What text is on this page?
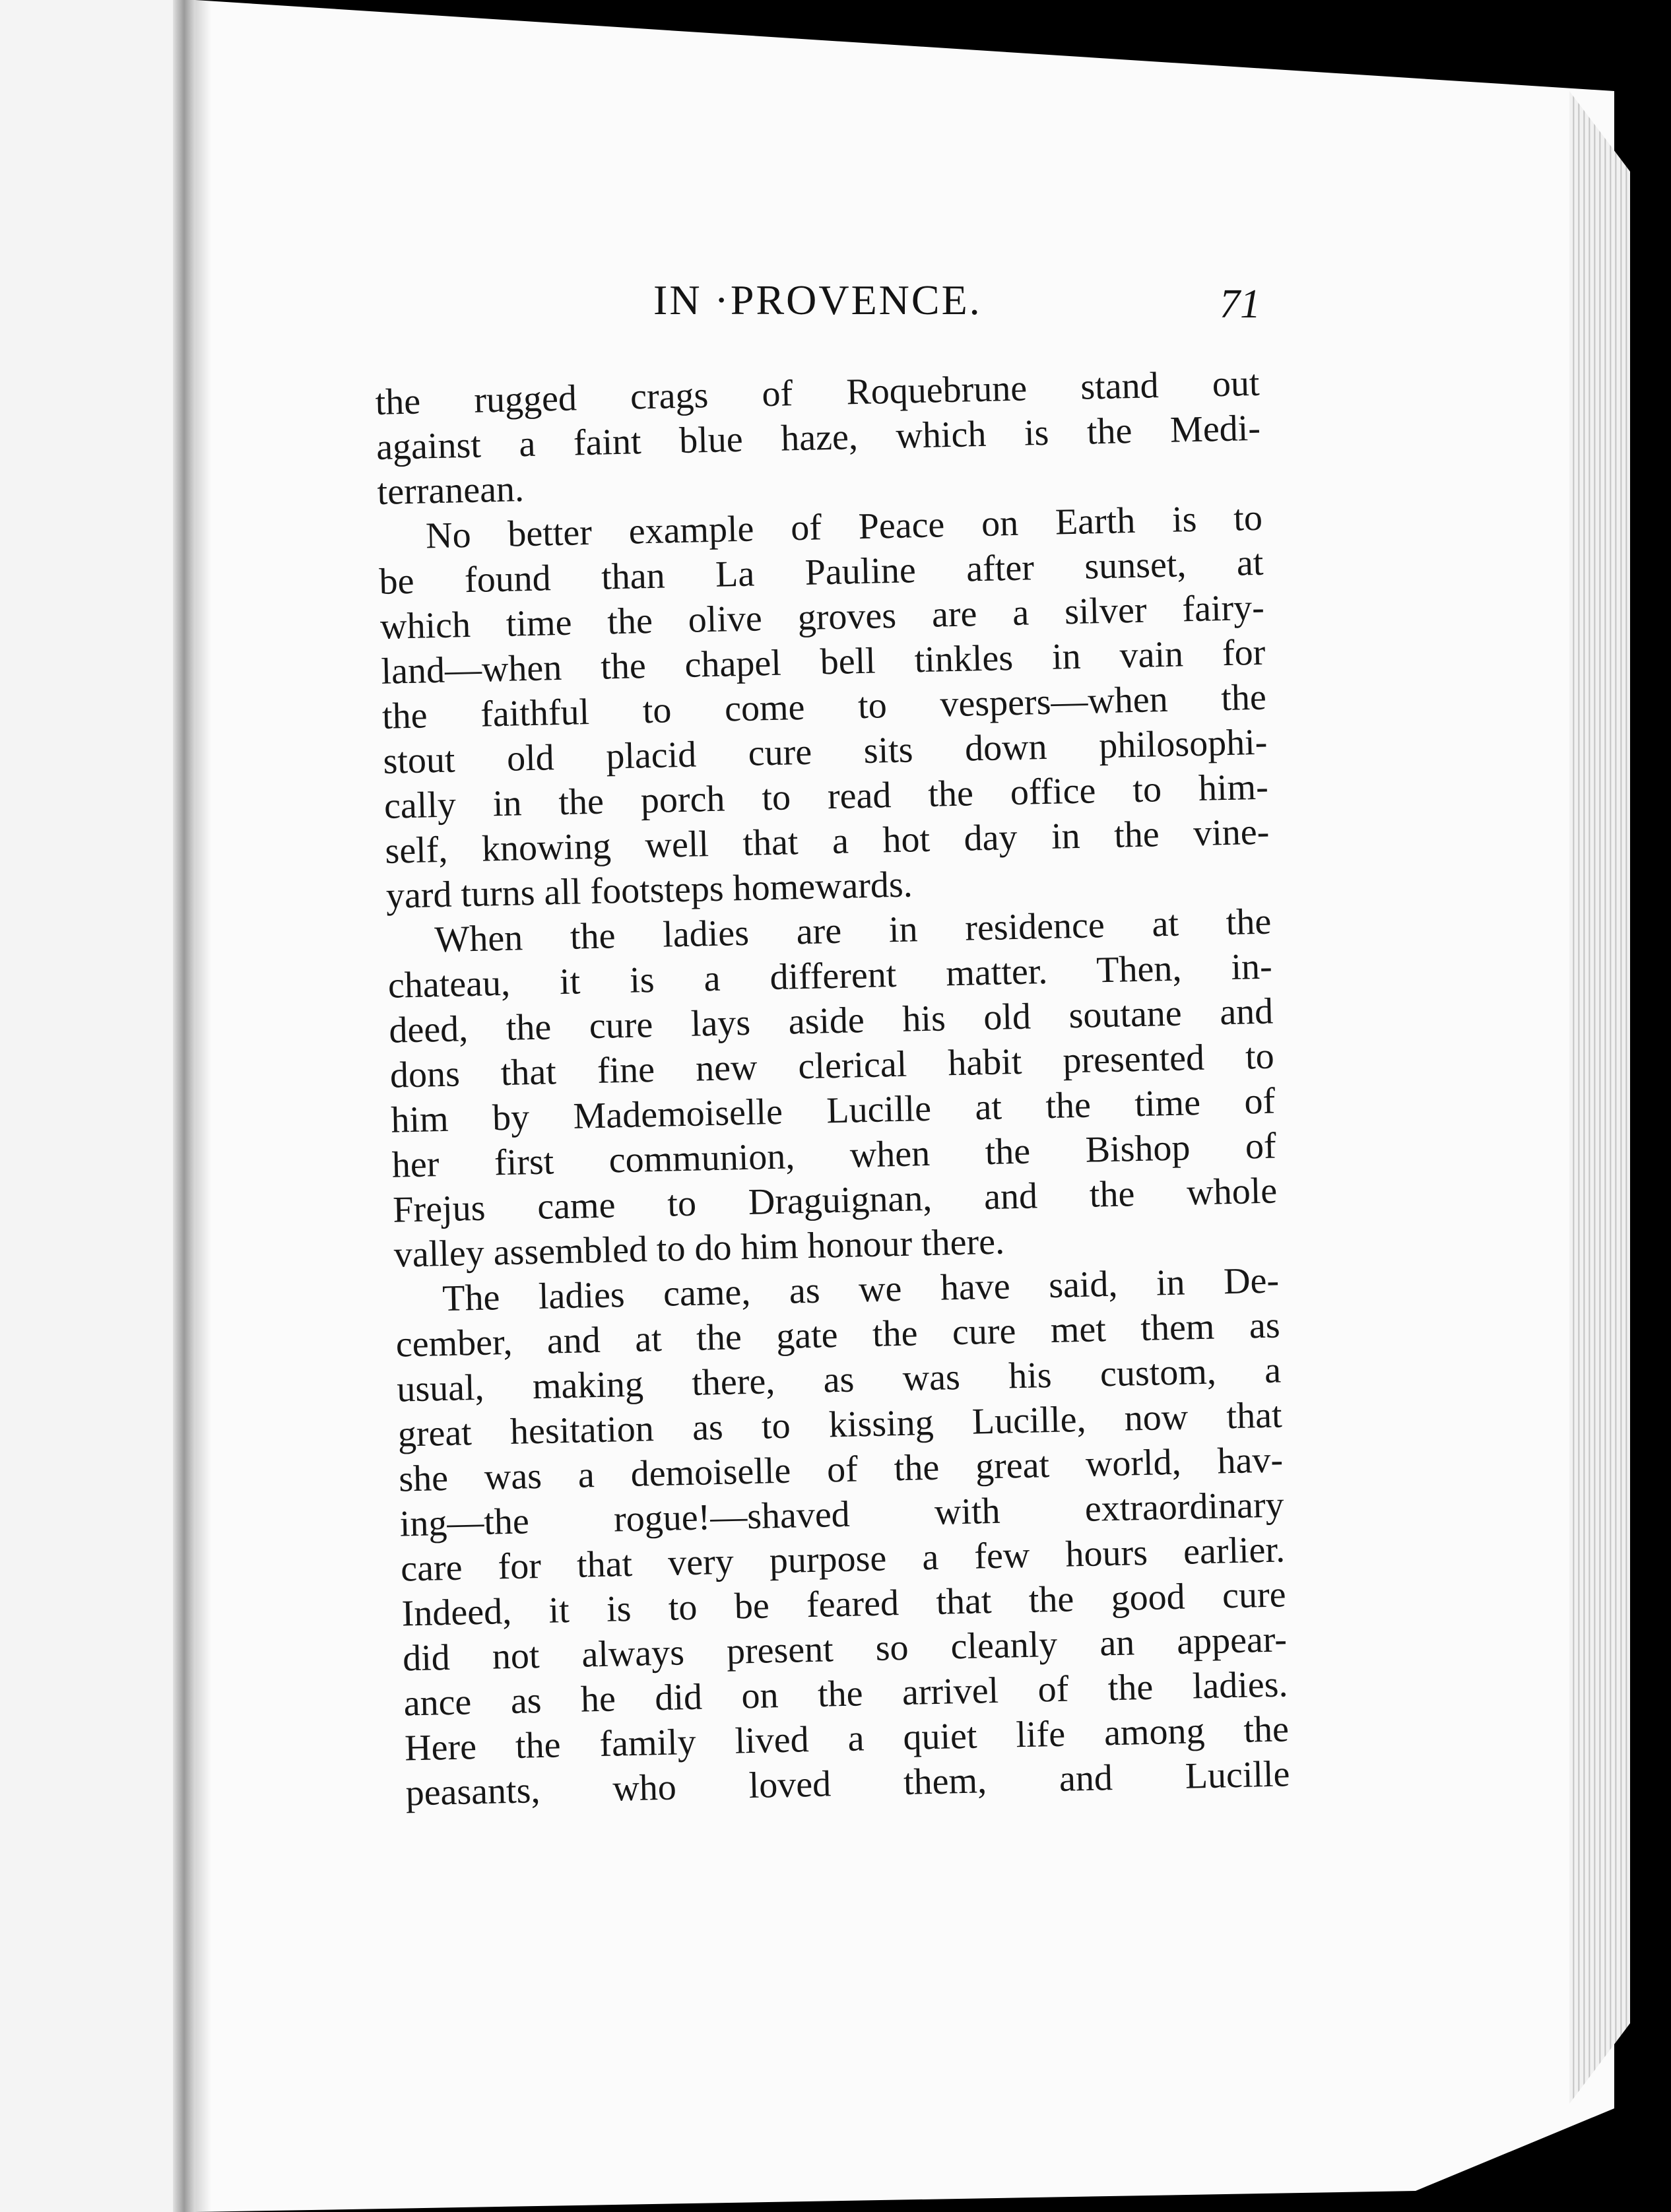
IN ·PROVENCE.	71
the rugged crags of Roquebrune stand out
against a faint blue haze, which is the Medi-
terranean.
No better example of Peace on Earth is to
be found than La Pauline after sunset, at
which time the olive groves are a silver fairy-
land—when the chapel bell tinkles in vain for
the faithful to come to vespers—when the
stout old placid cure sits down philosophi-
cally in the porch to read the office to him-
self, knowing well that a hot day in the vine-
yard turns all footsteps homewards.
When the ladies are in residence at the
chateau, it is a different matter. Then, in-
deed, the cure lays aside his old soutane and
dons that fine new clerical habit presented to
him by Mademoiselle Lucille at the time of
her first communion, when the Bishop of
Frejus came to Draguignan, and the whole
valley assembled to do him honour there.
The ladies came, as we have said, in De-
cember, and at the gate the cure met them as
usual, making there, as was his custom, a
great hesitation as to kissing Lucille, now that
she was a demoiselle of the great world, hav-
ing—the rogue!—shaved with extraordinary
care for that very purpose a few hours earlier.
Indeed, it is to be feared that the good cure
did not always present so cleanly an appear-
ance as he did on the arrivel of the ladies.
Here the family lived a quiet life among the
peasants, who loved them, and Lucille
